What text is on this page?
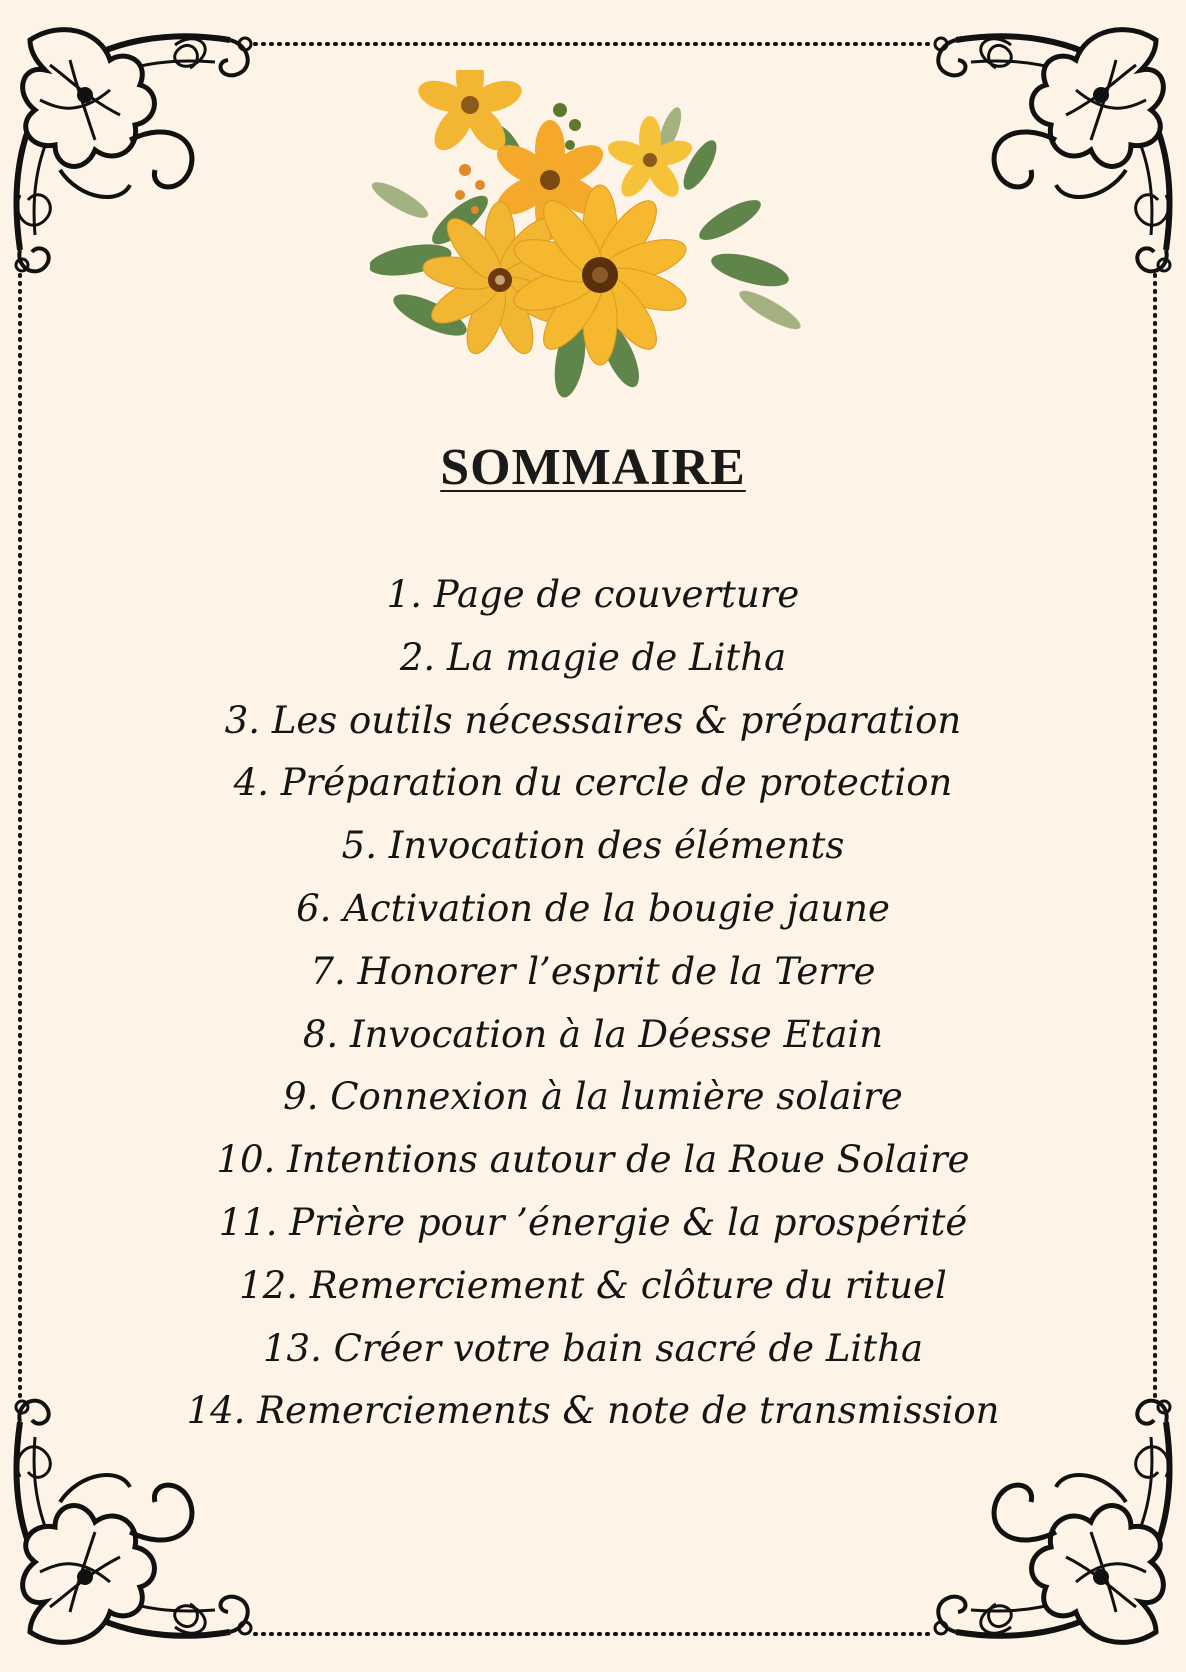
SOMMAIRE
1. Page de couverture
2. La magie de Litha
3. Les outils nécessaires & préparation
4. Préparation du cercle de protection
5. Invocation des éléments
6. Activation de la bougie jaune
7. Honorer l’esprit de la Terre
8. Invocation à la Déesse Etain
9. Connexion à la lumière solaire
10. Intentions autour de la Roue Solaire
11. Prière pour ’énergie & la prospérité
12. Remerciement & clôture du rituel
13. Créer votre bain sacré de Litha
14. Remerciements & note de transmission
